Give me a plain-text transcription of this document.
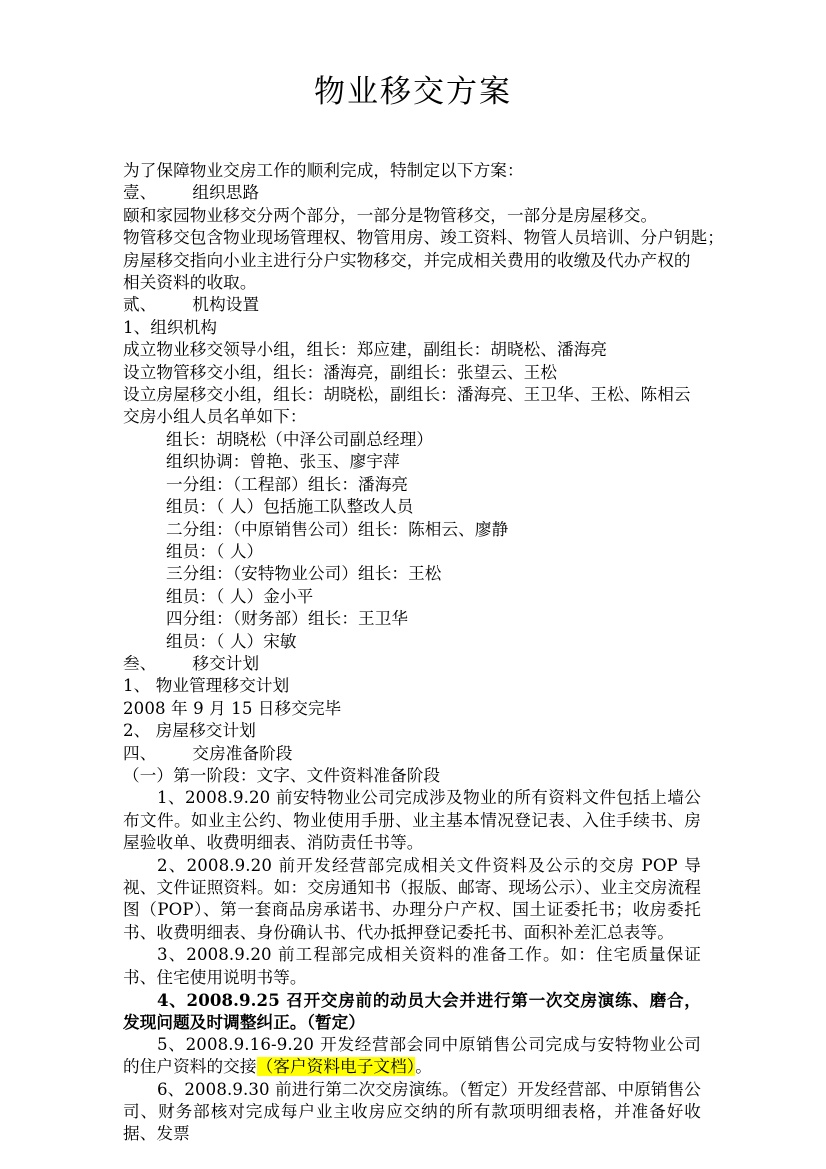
物业移交方案
为了保障物业交房工作的顺利完成，特制定以下方案：
壹、 组织思路
颐和家园物业移交分两个部分，一部分是物管移交，一部分是房屋移交。
物管移交包含物业现场管理权、物管用房、竣工资料、物管人员培训、分户钥匙；
房屋移交指向小业主进行分户实物移交，并完成相关费用的收缴及代办产权的
相关资料的收取。
贰、 机构设置
1、组织机构
成立物业移交领导小组，组长：郑应建，副组长：胡晓松、潘海亮
设立物管移交小组，组长：潘海亮，副组长：张望云、王松
设立房屋移交小组，组长：胡晓松，副组长：潘海亮、王卫华、王松、陈相云
交房小组人员名单如下：
组长：胡晓松（中泽公司副总经理）
组织协调：曾艳、张玉、廖宇萍
一分组：（工程部）组长：潘海亮
组员：（ 人）包括施工队整改人员
二分组：（中原销售公司）组长：陈相云、廖静
组员：（ 人）
三分组：（安特物业公司）组长：王松
组员：（ 人）金小平
四分组：（财务部）组长：王卫华
组员：（ 人）宋敏
叁、 移交计划
1、 物业管理移交计划
2008 年 9 月 15 日移交完毕
2、 房屋移交计划
四、 交房准备阶段
（一）第一阶段：文字、文件资料准备阶段
1、2008.9.20 前安特物业公司完成涉及物业的所有资料文件包括上墙公布文件。如业主公约、物业使用手册、业主基本情况登记表、入住手续书、房屋验收单、收费明细表、消防责任书等。
2、2008.9.20 前开发经营部完成相关文件资料及公示的交房 POP 导视、文件证照资料。如：交房通知书（报版、邮寄、现场公示）、业主交房流程图（POP）、第一套商品房承诺书、办理分户产权、国土证委托书；收房委托书、收费明细表、身份确认书、代办抵押登记委托书、面积补差汇总表等。
3、2008.9.20 前工程部完成相关资料的准备工作。如：住宅质量保证书、住宅使用说明书等。
4、2008.9.25 召开交房前的动员大会并进行第一次交房演练、磨合，发现问题及时调整纠正。（暂定）
5、2008.9.16-9.20 开发经营部会同中原销售公司完成与安特物业公司的住户资料的交接（客户资料电子文档）。
6、2008.9.30 前进行第二次交房演练。（暂定）开发经营部、中原销售公司、财务部核对完成每户业主收房应交纳的所有款项明细表格，并准备好收据、发票
